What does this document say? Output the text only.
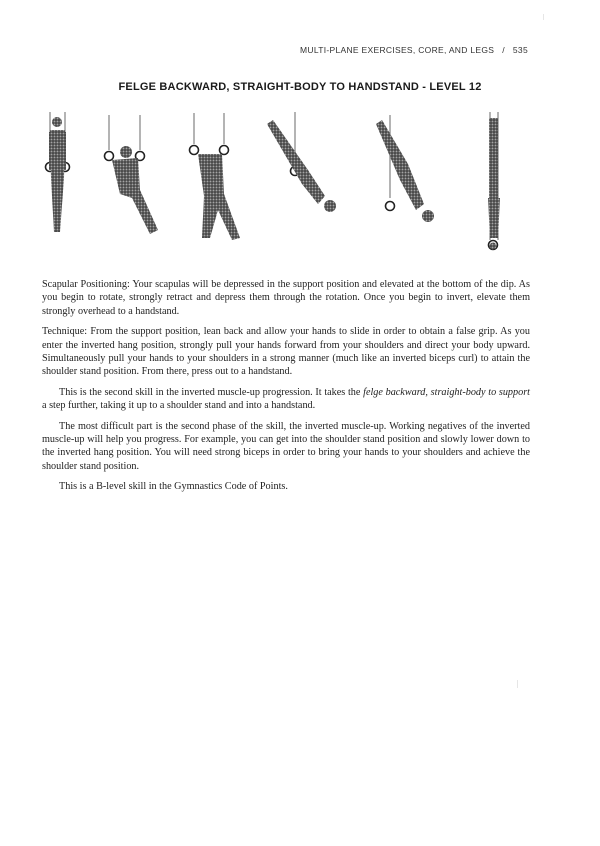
MULTI-PLANE EXERCISES, CORE, AND LEGS / 535
FELGE BACKWARD, STRAIGHT-BODY TO HANDSTAND - LEVEL 12

Scapular Positioning: Your scapulas will be depressed in the support position and elevated at the bottom of the dip. As you begin to rotate, strongly retract and depress them through the rotation. Once you begin to invert, elevate them strongly overhead to a handstand.

Technique: From the support position, lean back and allow your hands to slide in order to obtain a false grip. As you enter the inverted hang position, strongly pull your hands forward from your shoulders and direct your body upward. Simultaneously pull your hands to your shoulders in a strong manner (much like an inverted biceps curl) to attain the shoulder stand position. From there, press out to a handstand.

This is the second skill in the inverted muscle-up progression. It takes the felge backward, straight-body to support a step further, taking it up to a shoulder stand and into a handstand.

The most difficult part is the second phase of the skill, the inverted muscle-up. Working negatives of the inverted muscle-up will help you progress. For example, you can get into the shoulder stand position and slowly lower down to the inverted hang position. You will need strong biceps in order to bring your hands to your shoulders and achieve the shoulder stand position.

This is a B-level skill in the Gymnastics Code of Points.
